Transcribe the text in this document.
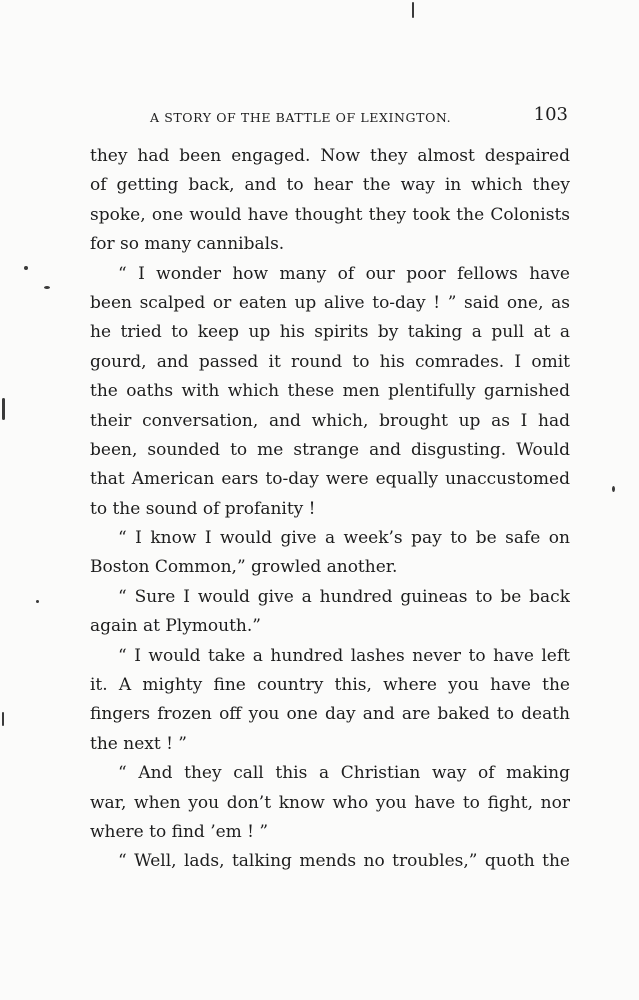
A STORY OF THE BATTLE OF LEXINGTON.	103
they had been engaged. Now they almost despaired
of getting back, and to hear the way in which they
spoke, one would have thought they took the Colonists
for so many cannibals.
“ I wonder how many of our poor fellows have
been scalped or eaten up alive to-day ! ” said one, as
he tried to keep up his spirits by taking a pull at a
gourd, and passed it round to his comrades. I omit
the oaths with which these men plentifully garnished
their conversation, and which, brought up as I had
been, sounded to me strange and disgusting. Would
that American ears to-day were equally unaccustomed
to the sound of profanity !
“ I know I would give a week’s pay to be safe on
Boston Common,” growled another.
“ Sure I would give a hundred guineas to be back
again at Plymouth.”
“ I would take a hundred lashes never to have left
it. A mighty fine country this, where you have the
fingers frozen off you one day and are baked to death
the next ! ”
“ And they call this a Christian way of making
war, when you don’t know who you have to fight, nor
where to find ’em ! ”
“ Well, lads, talking mends no troubles,” quoth the
